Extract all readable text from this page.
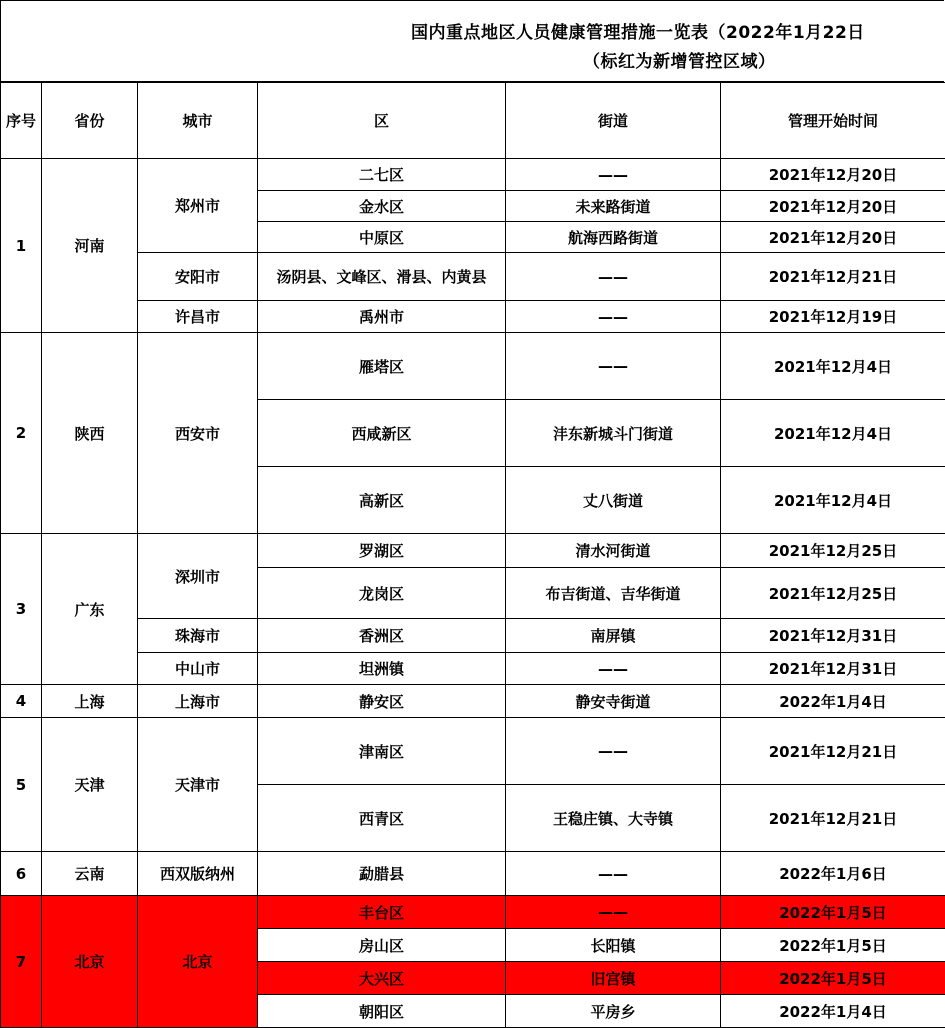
国内重点地区人员健康管理措施一览表（2022年1月22日
（标红为新增管控区域）
序号	省份	城市	区	街道	管理开始时间
1	河南	郑州市	二七区	——	2021年12月20日
			金水区	未来路街道	2021年12月20日
			中原区	航海西路街道	2021年12月20日
		安阳市	汤阴县、文峰区、滑县、内黄县	——	2021年12月21日
		许昌市	禹州市	——	2021年12月19日
2	陕西	西安市	雁塔区	——	2021年12月4日
			西咸新区	沣东新城斗门街道	2021年12月4日
			高新区	丈八街道	2021年12月4日
3	广东	深圳市	罗湖区	清水河街道	2021年12月25日
			龙岗区	布吉街道、吉华街道	2021年12月25日
		珠海市	香洲区	南屏镇	2021年12月31日
		中山市	坦洲镇	——	2021年12月31日
4	上海	上海市	静安区	静安寺街道	2022年1月4日
5	天津	天津市	津南区	——	2021年12月21日
			西青区	王稳庄镇、大寺镇	2021年12月21日
6	云南	西双版纳州	勐腊县	——	2022年1月6日
7	北京	北京	丰台区	——	2022年1月5日
			房山区	长阳镇	2022年1月5日
			大兴区	旧宫镇	2022年1月5日
			朝阳区	平房乡	2022年1月4日
